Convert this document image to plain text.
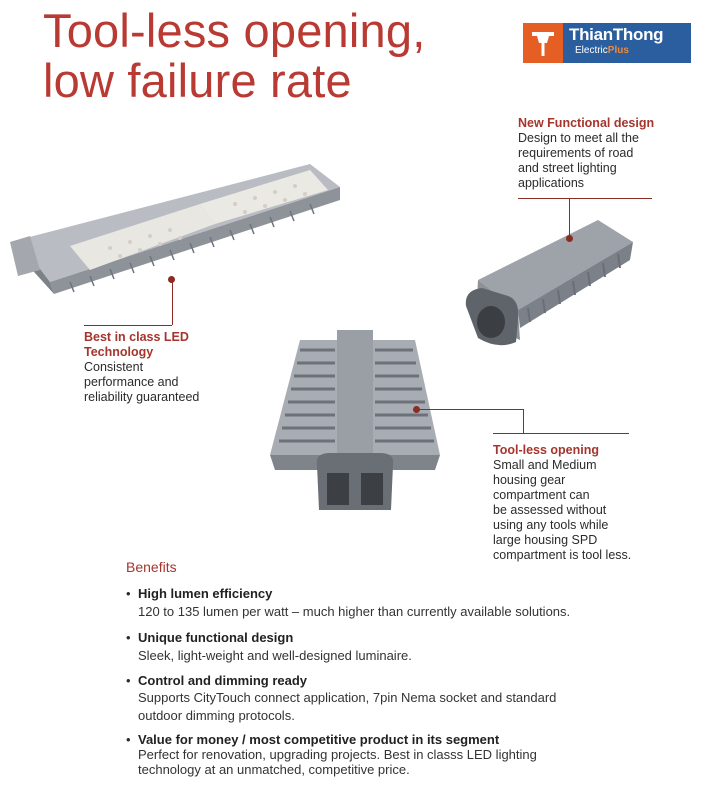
Tool-less opening,
low failure rate
ThianThong
ElectricPlus
New Functional design
Design to meet all the
requirements of road
and street lighting
applications
Best in class LED
Technology
Consistent
performance and
reliability guaranteed
Tool-less opening
Small and Medium
housing gear
compartment can
be assessed without
using any tools while
large housing SPD
compartment is tool less.
Benefits
• High lumen efficiency
120 to 135 lumen per watt – much higher than currently available solutions.
• Unique functional design
Sleek, light-weight and well-designed luminaire.
• Control and dimming ready
Supports CityTouch connect application, 7pin Nema socket and standard
outdoor dimming protocols.
• Value for money / most competitive product in its segment
Perfect for renovation, upgrading projects. Best in classs LED lighting
technology at an unmatched, competitive price.
